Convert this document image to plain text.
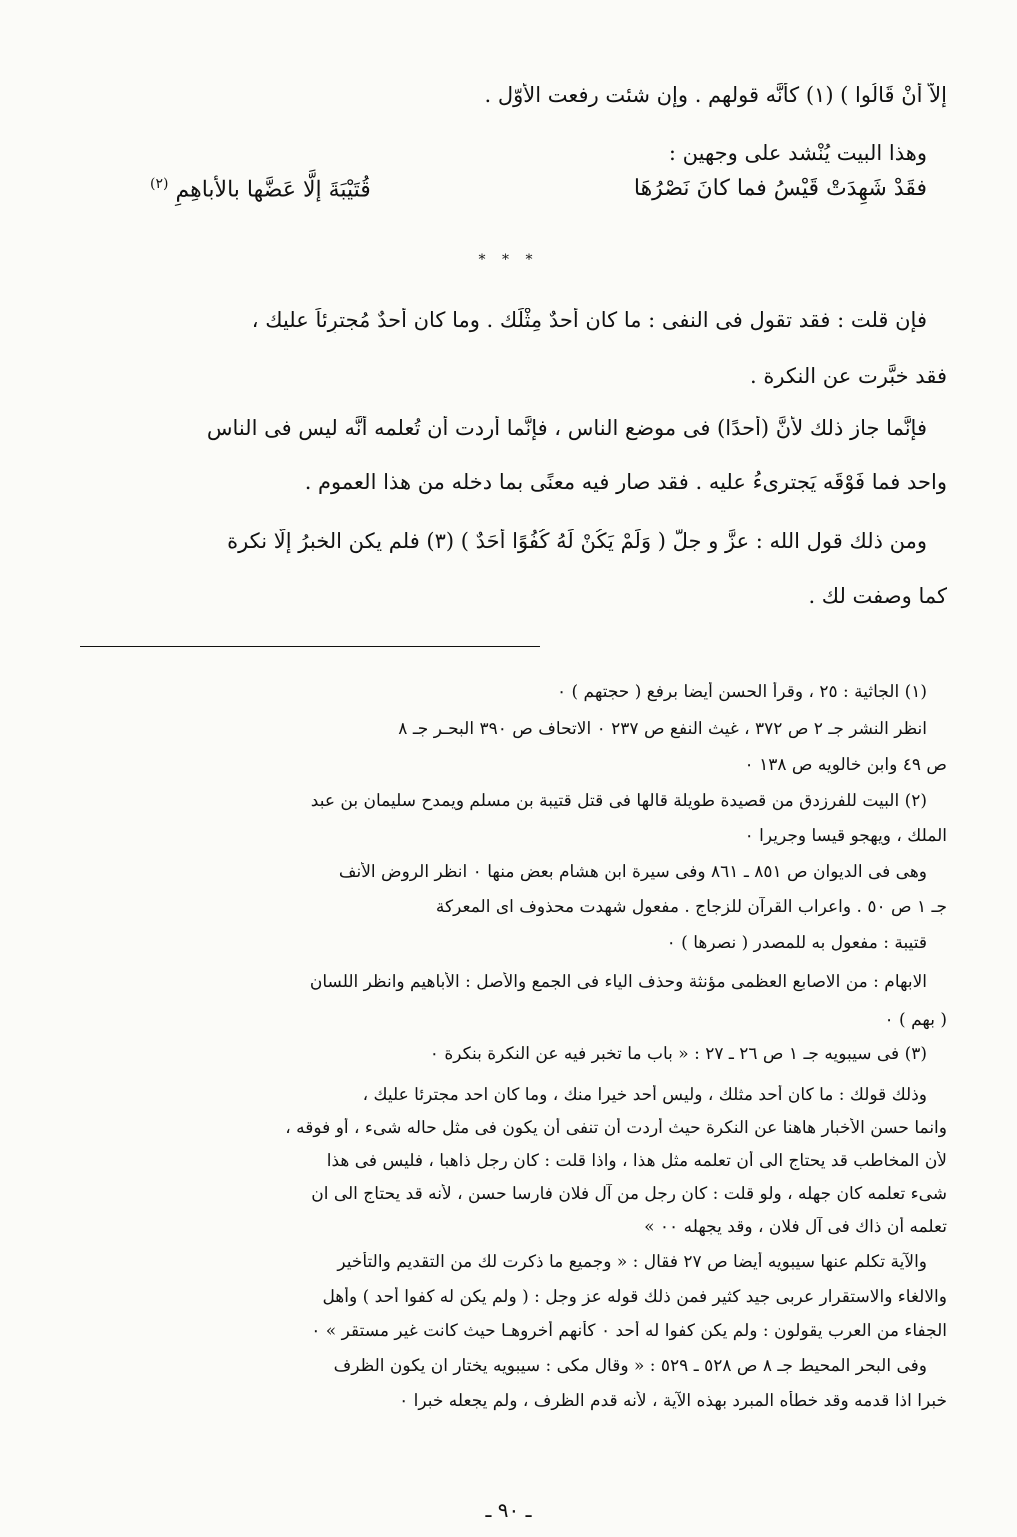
إلاَّ أنْ قَالُوا ) (١) كأنَّه قولهم . وإن شئت رفعت الأوّل .
وهذا البيت يُنْشد على وجهين :
فقَدْ شَهِدَتْ قَيْسُ فما كانَ نَصْرُهَا
قُتَيْبَةَ إلَّا عَضَّها بالأباهِمِ $^{(٢)}$
* * *
فإن قلت : فقد تقول فى النفى : ما كان أَحدٌ مِثْلَك . وما كان أحدٌ مُجترِئاً عليك ،
فقد خبَّرت عن النكرة .
فإنَّما جاز ذلك لأنَّ (أحدًا) فى موضع الناس ، فإنَّما أردت أن تُعلمه أنَّه ليس فى الناس
واحد فما فَوْقَه يَجترىءُ عليه . فقد صار فيه معنًى بما دخله من هذا العموم .
ومن ذلك قول الله : عزَّ و جلَّ ( وَلَمْ يَكُنْ لَهُ كُفُوًا أَحَدٌ ) (٣) فلم يكن الخبرُ إلَّا نكرة
كما وصفت لك .
(١) الجاثية : ٢٥ ، وقرأ الحسن أيضا برفع ( حجتهم ) ٠
انظر النشر جـ ٢ ص ٣٧٢ ، غيث النفع ص ٢٣٧ ٠ الاتحاف ص ٣٩٠ البحـر جـ ٨
ص ٤٩ وابن خالويه ص ١٣٨ ٠
(٢) البيت للفرزدق من قصيدة طويلة قالها فى قتل قتيبة بن مسلم ويمدح سليمان بن عبد
الملك ، ويهجو قيسا وجريرا ٠
وهى فى الديوان ص ٨٥١ ـ ٨٦١ وفى سيرة ابن هشام بعض منها ٠ انظر الروض الأنف
جـ ١ ص ٥٠ . واعراب القرآن للزجاج . مفعول شهدت محذوف اى المعركة
قتيبة : مفعول به للمصدر ( نصرها ) ٠
الابهام : من الاصابع العظمى مؤنثة وحذف الياء فى الجمع والأصل : الأباهيم وانظر اللسان
( بهم ) ٠
(٣) فى سيبويه جـ ١ ص ٢٦ ـ ٢٧ : « باب ما تخبر فيه عن النكرة بنكرة ٠
وذلك قولك : ما كان أحد مثلك ، وليس أحد خيرا منك ، وما كان احد مجترئا عليك ،
وانما حسن الأخبار هاهنا عن النكرة حيث أردت أن تنفى أن يكون فى مثل حاله شىء ، أو فوقه ،
لأن المخاطب قد يحتاج الى أن تعلمه مثل هذا ، واذا قلت : كان رجل ذاهبا ، فليس فى هذا
شىء تعلمه كان جهله ، ولو قلت : كان رجل من آل فلان فارسا حسن ، لأنه قد يحتاج الى ان
تعلمه أن ذاك فى آل فلان ، وقد يجهله ٠٠ »
والآية تكلم عنها سيبويه أيضا ص ٢٧ فقال : « وجميع ما ذكرت لك من التقديم والتأخير
والالغاء والاستقرار عربى جيد كثير فمن ذلك قوله عز وجل : ( ولم يكن له كفوا أحد ) وأهل
الجفاء من العرب يقولون : ولم يكن كفوا له أحد ٠ كأنهم أخروهـا حيث كانت غير مستقر » ٠
وفى البحر المحيط جـ ٨ ص ٥٢٨ ـ ٥٢٩ : « وقال مكى : سيبويه يختار ان يكون الظرف
خبرا اذا قدمه وقد خطأه المبرد بهذه الآية ، لأنه قدم الظرف ، ولم يجعله خبرا ٠
ـ ٩٠ ـ
